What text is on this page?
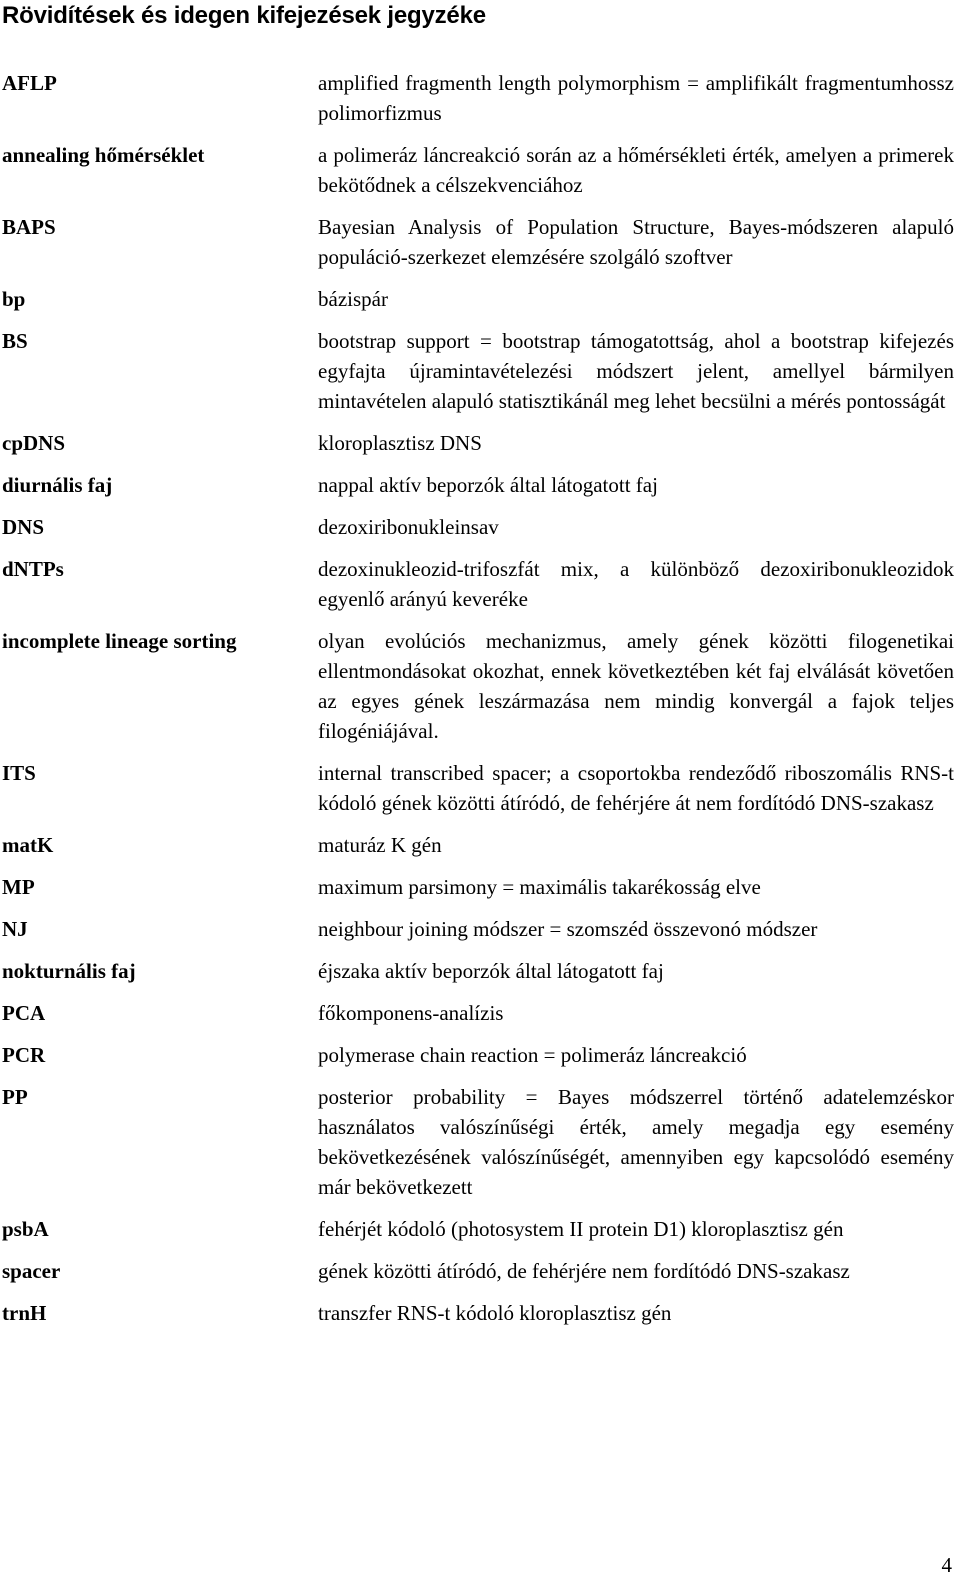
Rövidítések és idegen kifejezések jegyzéke
AFLP	amplified fragmenth length polymorphism = amplifikált fragmentumhossz polimorfizmus
annealing hőmérséklet	a polimeráz láncreakció során az a hőmérsékleti érték, amelyen a primerek bekötődnek a célszekvenciához
BAPS	Bayesian Analysis of Population Structure, Bayes-módszeren alapuló populáció-szerkezet elemzésére szolgáló szoftver
bp	bázispár
BS	bootstrap support = bootstrap támogatottság, ahol a bootstrap kifejezés egyfajta újramintavételezési módszert jelent, amellyel bármilyen mintavételen alapuló statisztikánál meg lehet becsülni a mérés pontosságát
cpDNS	kloroplasztisz DNS
diurnális faj	nappal aktív beporzók által látogatott faj
DNS	dezoxiribonukleinsav
dNTPs	dezoxinukleozid-trifoszfát mix, a különböző dezoxiribonukleozidok egyenlő arányú keveréke
incomplete lineage sorting	olyan evolúciós mechanizmus, amely gének közötti filogenetikai ellentmondásokat okozhat, ennek következtében két faj elválását követően az egyes gének leszármazása nem mindig konvergál a fajok teljes filogéniájával.
ITS	internal transcribed spacer; a csoportokba rendeződő riboszomális RNS-t kódoló gének közötti átíródó, de fehérjére át nem fordítódó DNS-szakasz
matK	maturáz K gén
MP	maximum parsimony = maximális takarékosság elve
NJ	neighbour joining módszer = szomszéd összevonó módszer
nokturnális faj	éjszaka aktív beporzók által látogatott faj
PCA	főkomponens-analízis
PCR	polymerase chain reaction = polimeráz láncreakció
PP	posterior probability = Bayes módszerrel történő adatelemzéskor használatos valószínűségi érték, amely megadja egy esemény bekövetkezésének valószínűségét, amennyiben egy kapcsolódó esemény már bekövetkezett
psbA	fehérjét kódoló (photosystem II protein D1) kloroplasztisz gén
spacer	gének közötti átíródó, de fehérjére nem fordítódó DNS-szakasz
trnH	transzfer RNS-t kódoló kloroplasztisz gén
4
